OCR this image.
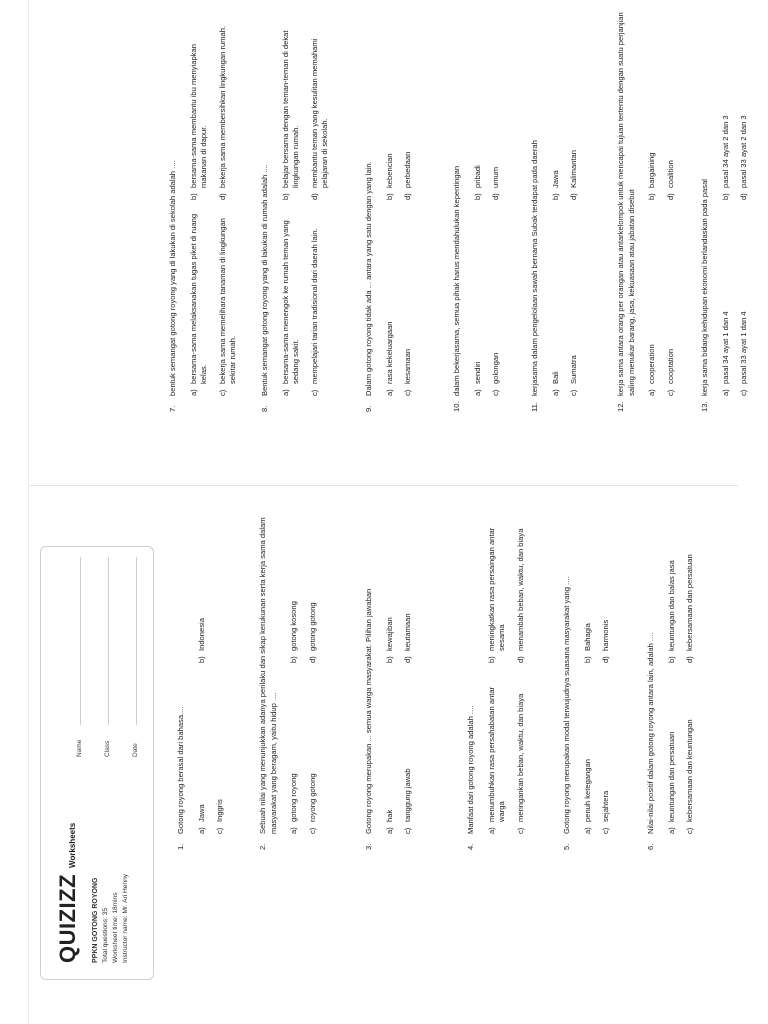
QUIZIZZ
Worksheets
PPKN GOTONG ROYONG Total questions: 35 Worksheet time: 18mins Instructor name: Mr. Ari Henny
Name	Class	Date
1.
Gotong royong berasal dari bahasa.... a)
Jawa
b)
Indonesia
c)
Inggris
2.
Sebuah nilai yang menunjukkan adanya perilaku dan sikap kerukunan serta kerja sama dalam masyarakat yang beragam, yaitu hidup .... a)
gotong royong
b)
gotong kosong
c)
royong gotong
d)
gotong gotong
3.
Gotong royong merupakan ... semua warga masyarakat. Pilihan jawaban a)
hak
b)
kewajiban
c)
tanggung jawab
d)
keutamaan
4.
Manfaat dari gotong royong adalah .... a)
menumbuhkan rasa persahabatan antar warga
b)
meningkatkan rasa persaingan antar sesama
c)
meringankan beban, waktu, dan biaya
d)
menambah beban, waktu, dan biaya
5.
Gotong royong merupakan modal terwujudnya suasana masyarakat yang .... a)
penuh ketegangan
b)
Bahagia
c)
sejahtera
d)
harmonis
6.
Nilai-nilai positif dalam gotong royong antara lain, adalah .... a)
keuntungan dan persatuan
b)
keuntungan dan balas jasa
c)
kebersamaan dan keuntungan
d)
kebersamaan dan persatuan
7.
bentuk semangat gotong royong yang di lakukan di sekolah adalah .... a)
bersama-sama melaksanakan tugas piket di ruang kelas.
b)
bersama-sama membantu ibu menyiapkan makanan di dapur.
c)
bekerja sama memelihara tanaman di lingkungan sekitar rumah.
d)
bekerja sama membersihkan lingkungan rumah.
8.
Bentuk semangat gotong royong yang di lakukan di rumah adalah .... a)
bersama-sama menengok ke rumah teman yang sedang sakit.
b)
belajar bersama dengan teman-teman di dekat lingkungan rumah.
c)
mempelajari tarian tradisional dari daerah lain.
d)
membantu teman yang kesulitan memahami pelajaran di sekolah.
9.
Dalam gotong royong tidak ada ... antara yang satu dengan yang lain. a)
rasa kekeluargaan
b)
kebencian
c)
kesamaan
d)
perbedaan
10.
dalam bekerjasama, semua pihak harus mendahulukan kepentingan a)
sendiri
b)
pribadi
c)
golongan
d)
umum
11.
kerjasama dalam pengelolaan sawah bernama Subak terdapat pada daerah a)
Bali
b)
Jawa
c)
Sumatra
d)
Kalimantan
12.
kerja sama antara orang per orangan atau antarkelompok untuk mencapai tujuan tertentu dengan suatu perjanjian saling menukar barang, jasa, kekuasaan atau jabatan disebut a)
cooperation
b)
bargaining
c)
cooptation
d)
coalition
13.
kerja sama bidang kehidupan ekonomi berlandaskan pada pasal a)
pasal 34 ayat 1 dan 4
b)
pasal 34 ayat 2 dan 3
c)
pasal 33 ayat 1 dan 4
d)
pasal 33 ayat 2 dan 3
